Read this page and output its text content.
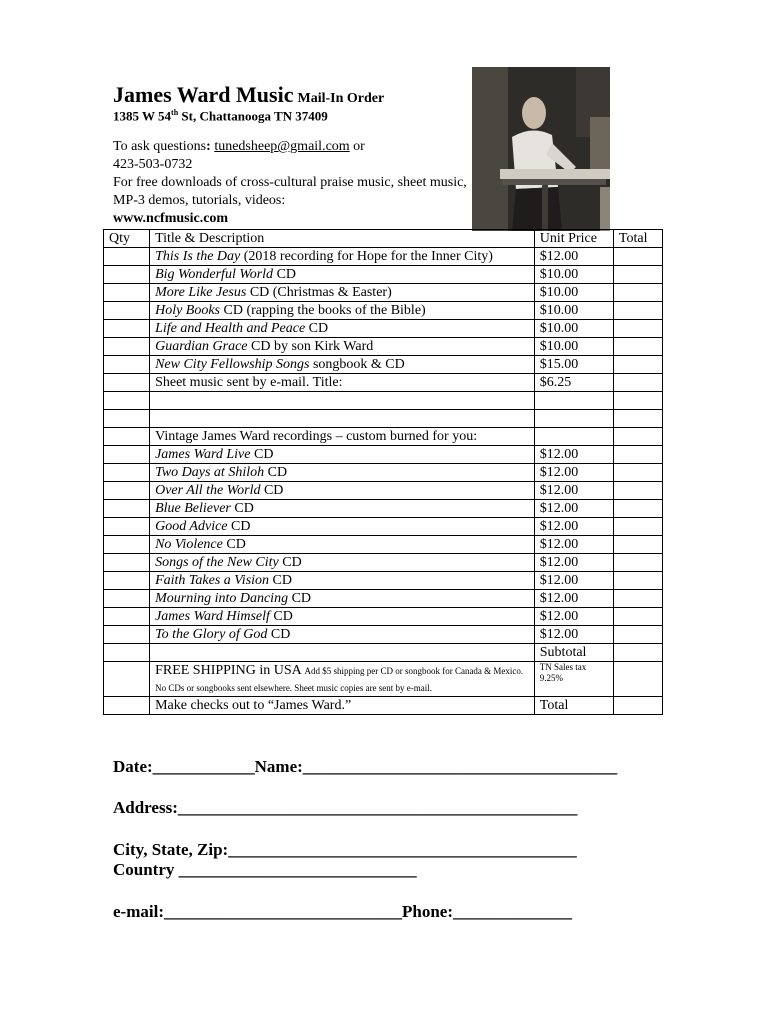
James Ward Music Mail-In Order
1385 W 54th St, Chattanooga TN 37409
To ask questions: tunedsheep@gmail.com or
423-503-0732
For free downloads of cross-cultural praise music, sheet music, MP-3 demos, tutorials, videos:
www.ncfmusic.com
Qty	Title & Description	Unit Price	Total
	This Is the Day (2018 recording for Hope for the Inner City)	$12.00	
	Big Wonderful World CD	$10.00	
	More Like Jesus CD (Christmas & Easter)	$10.00	
	Holy Books CD (rapping the books of the Bible)	$10.00	
	Life and Health and Peace CD	$10.00	
	Guardian Grace CD by son Kirk Ward	$10.00	
	New City Fellowship Songs songbook & CD	$15.00	
	Sheet music sent by e-mail. Title:	$6.25	

	Vintage James Ward recordings – custom burned for you:		
	James Ward Live CD	$12.00	
	Two Days at Shiloh CD	$12.00	
	Over All the World CD	$12.00	
	Blue Believer CD	$12.00	
	Good Advice CD	$12.00	
	No Violence CD	$12.00	
	Songs of the New City CD	$12.00	
	Faith Takes a Vision CD	$12.00	
	Mourning into Dancing CD	$12.00	
	James Ward Himself CD	$12.00	
	To the Glory of God CD	$12.00	
		Subtotal	
	FREE SHIPPING in USA Add $5 shipping per CD or songbook for Canada & Mexico. No CDs or songbooks sent elsewhere. Sheet music copies are sent by e-mail.	TN Sales tax 9.25%	
	Make checks out to “James Ward.”	Total	
Date:____________Name:_____________________________________
Address:_______________________________________________
City, State, Zip:_________________________________________
Country ____________________________
e-mail:____________________________Phone:______________
